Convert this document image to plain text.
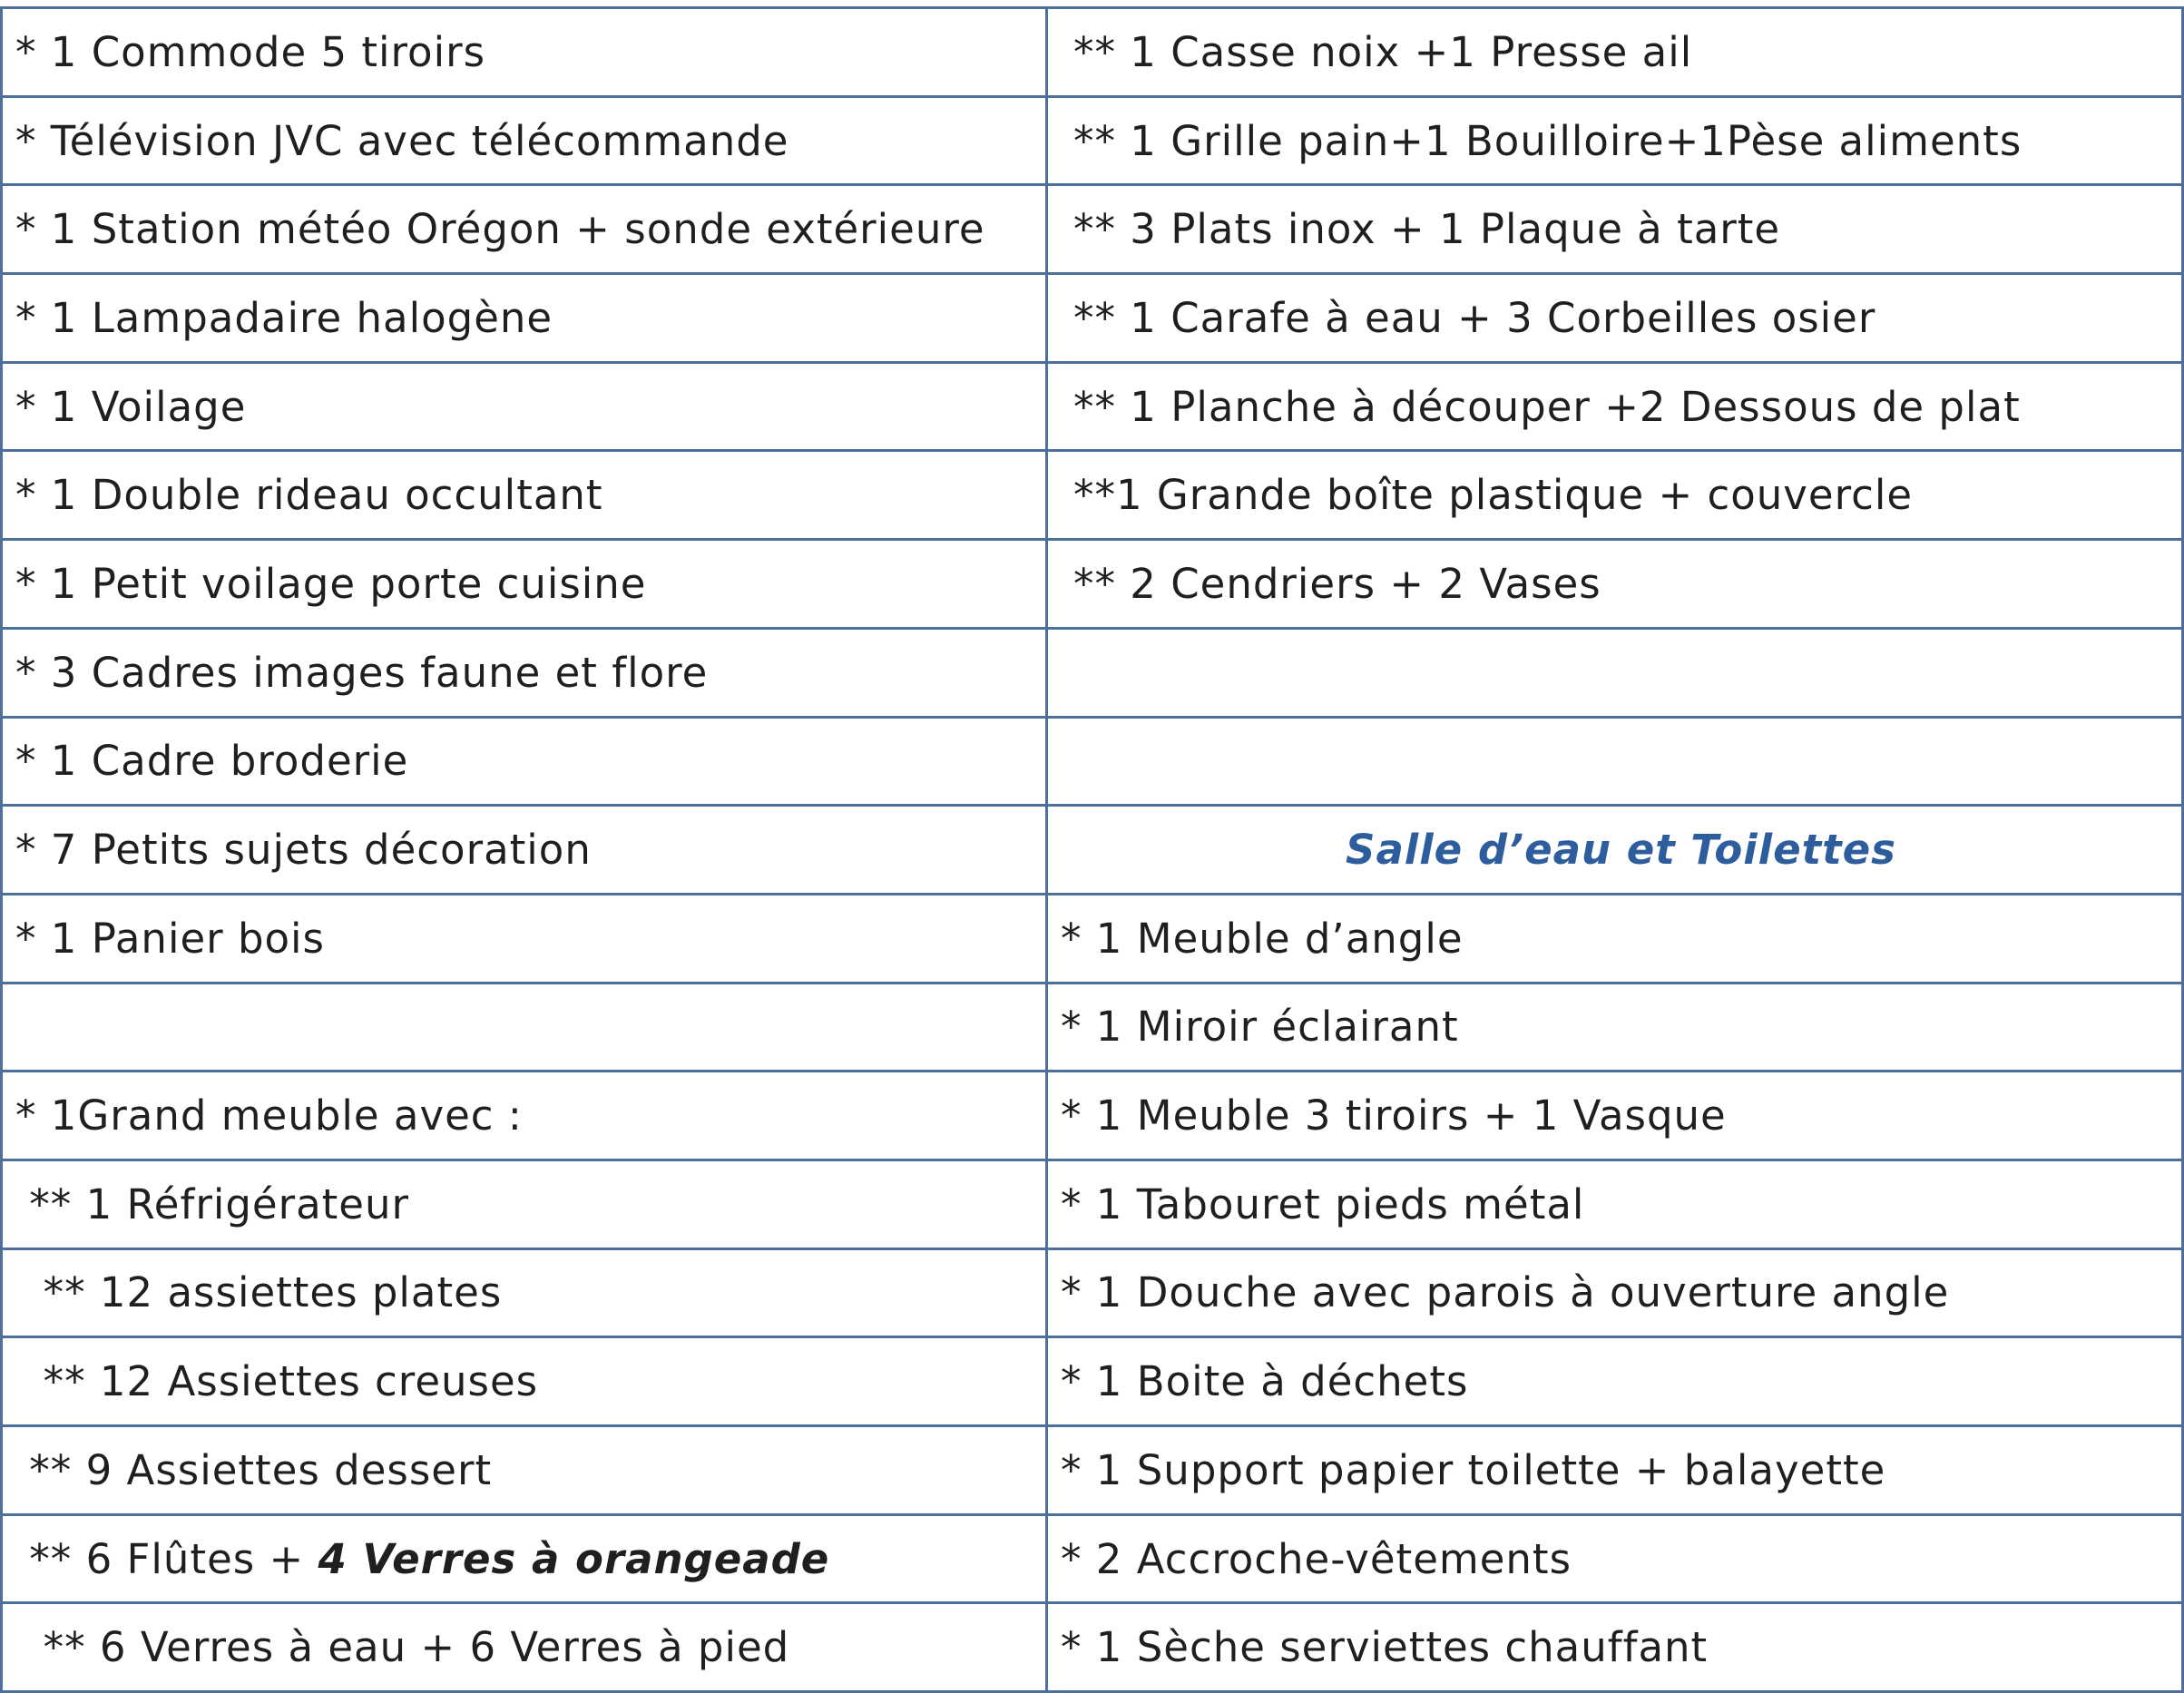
* 1 Commode 5 tiroirs	** 1 Casse noix +1 Presse ail
* Télévision JVC avec télécommande	** 1 Grille pain+1 Bouilloire+1Pèse aliments
* 1 Station météo Orégon + sonde extérieure	** 3 Plats inox + 1 Plaque à tarte
* 1 Lampadaire halogène	** 1 Carafe à eau + 3 Corbeilles osier
* 1 Voilage	** 1 Planche à découper +2 Dessous de plat
* 1 Double rideau occultant	**1 Grande boîte plastique + couvercle
* 1 Petit voilage porte cuisine	** 2 Cendriers + 2 Vases
* 3 Cadres images faune et flore	
* 1 Cadre broderie	
* 7 Petits sujets décoration	Salle d’eau et Toilettes
* 1 Panier bois	* 1 Meuble d’angle
	* 1 Miroir éclairant
* 1Grand meuble avec :	* 1 Meuble 3 tiroirs + 1 Vasque
** 1 Réfrigérateur	* 1 Tabouret pieds métal
** 12 assiettes plates	* 1 Douche avec parois à ouverture angle
** 12 Assiettes creuses	* 1 Boite à déchets
** 9 Assiettes dessert	* 1 Support papier toilette + balayette
** 6 Flûtes + 4 Verres à orangeade	* 2 Accroche-vêtements
** 6 Verres à eau + 6 Verres à pied	* 1 Sèche serviettes chauffant
